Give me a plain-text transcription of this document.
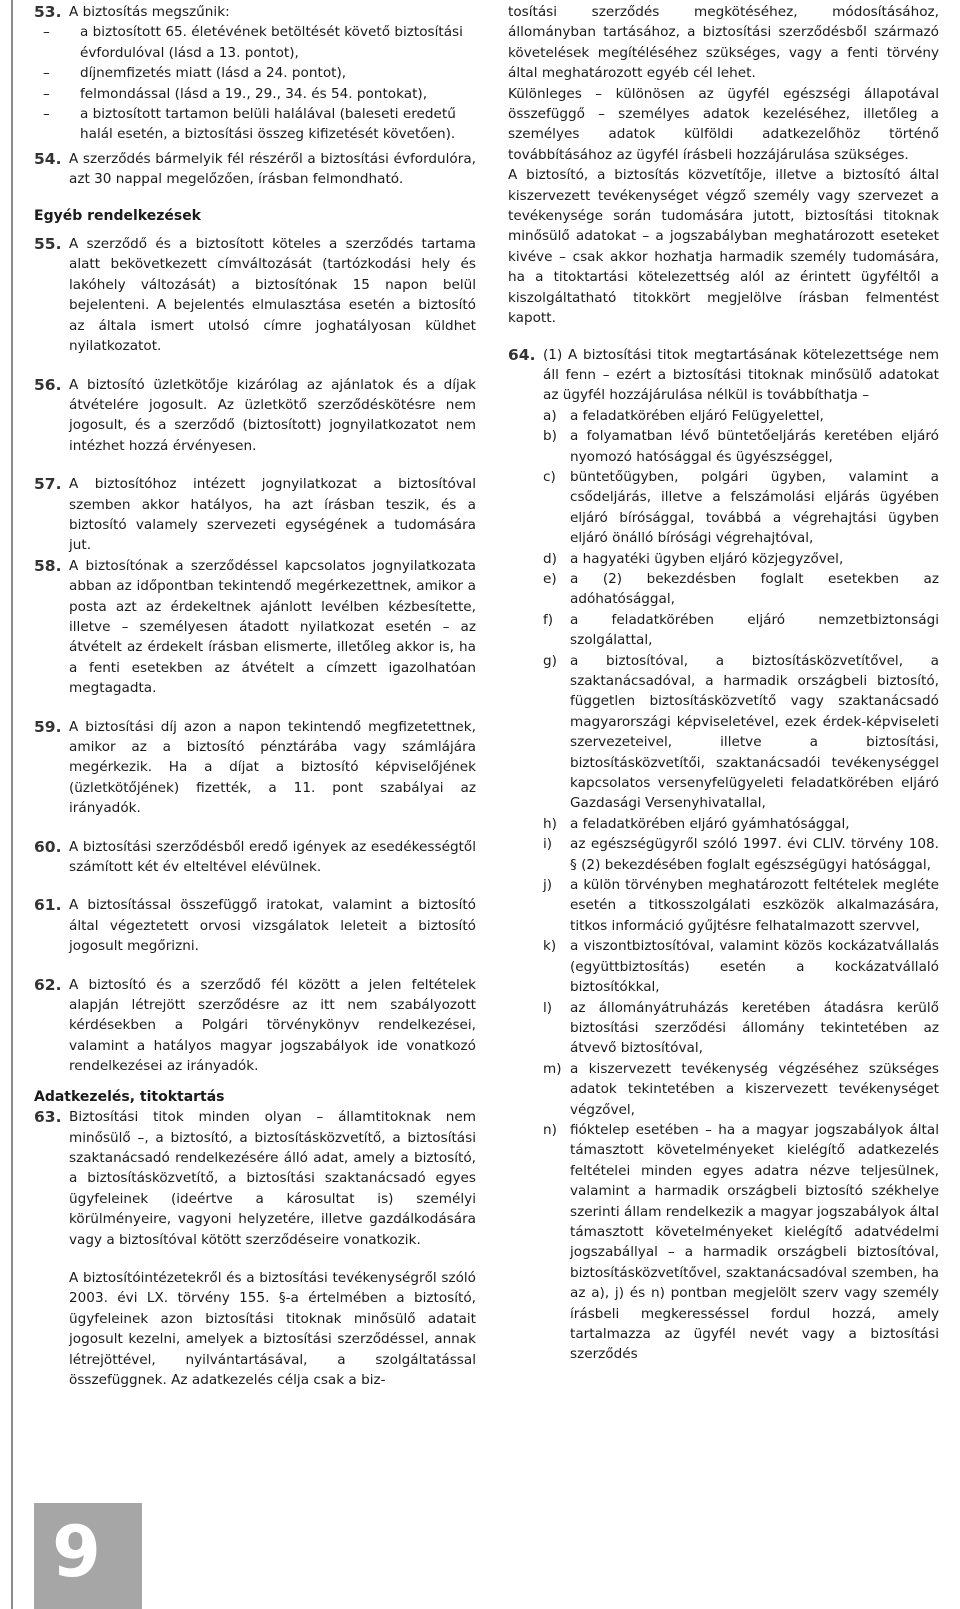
53. A biztosítás megszűnik:
– a biztosított 65. életévének betöltését követő biztosítási évfordulóval (lásd a 13. pontot),
– díjnemfizetés miatt (lásd a 24. pontot),
– felmondással (lásd a 19., 29., 34. és 54. pontokat),
– a biztosított tartamon belüli halálával (baleseti eredetű halál esetén, a biztosítási összeg kifizetését követően).
54. A szerződés bármelyik fél részéről a biztosítási évfordulóra, azt 30 nappal megelőzően, írásban felmondható.
Egyéb rendelkezések
55. A szerződő és a biztosított köteles a szerződés tartama alatt bekövetkezett címváltozását (tartózkodási hely és lakóhely változását) a biztosítónak 15 napon belül bejelenteni. A bejelentés elmulasztása esetén a biztosító az általa ismert utolsó címre joghatályosan küldhet nyilatkozatot.
56. A biztosító üzletkötője kizárólag az ajánlatok és a díjak átvételére jogosult. Az üzletkötő szerződéskötésre nem jogosult, és a szerződő (biztosított) jognyilatkozatot nem intézhet hozzá érvényesen.
57. A biztosítóhoz intézett jognyilatkozat a biztosítóval szemben akkor hatályos, ha azt írásban teszik, és a biztosító valamely szervezeti egységének a tudomására jut.
58. A biztosítónak a szerződéssel kapcsolatos jognyilatkozata abban az időpontban tekintendő megérkezettnek, amikor a posta azt az érdekeltnek ajánlott levélben kézbesítette, illetve – személyesen átadott nyilatkozat esetén – az átvételt az érdekelt írásban elismerte, illetőleg akkor is, ha a fenti esetekben az átvételt a címzett igazolhatóan megtagadta.
59. A biztosítási díj azon a napon tekintendő megfizetettnek, amikor az a biztosító pénztárába vagy számlájára megérkezik. Ha a díjat a biztosító képviselőjének (üzletkötőjének) fizették, a 11. pont szabályai az irányadók.
60. A biztosítási szerződésből eredő igények az esedékességtől számított két év elteltével elévülnek.
61. A biztosítással összefüggő iratokat, valamint a biztosító által végeztetett orvosi vizsgálatok leleteit a biztosító jogosult megőrizni.
62. A biztosító és a szerződő fél között a jelen feltételek alapján létrejött szerződésre az itt nem szabályozott kérdésekben a Polgári törvénykönyv rendelkezései, valamint a hatályos magyar jogszabályok ide vonatkozó rendelkezései az irányadók.
Adatkezelés, titoktartás
63. Biztosítási titok minden olyan – államtitoknak nem minősülő –, a biztosító, a biztosításközvetítő, a biztosítási szaktanácsadó rendelkezésére álló adat, amely a biztosító, a biztosításközvetítő, a biztosítási szaktanácsadó egyes ügyfeleinek (ideértve a károsultat is) személyi körülményeire, vagyoni helyzetére, illetve gazdálkodására vagy a biztosítóval kötött szerződéseire vonatkozik.
A biztosítóintézetekről és a biztosítási tevékenységről szóló 2003. évi LX. törvény 155. §-a értelmében a biztosító, ügyfeleinek azon biztosítási titoknak minősülő adatait jogosult kezelni, amelyek a biztosítási szerződéssel, annak létrejöttével, nyilvántartásával, a szolgáltatással összefüggnek. Az adatkezelés célja csak a biz-
tosítási szerződés megkötéséhez, módosításához, állományban tartásához, a biztosítási szerződésből származó követelések megítéléséhez szükséges, vagy a fenti törvény által meghatározott egyéb cél lehet.
Különleges – különösen az ügyfél egészségi állapotával összefüggő – személyes adatok kezeléséhez, illetőleg a személyes adatok külföldi adatkezelőhöz történő továbbításához az ügyfél írásbeli hozzájárulása szükséges.
A biztosító, a biztosítás közvetítője, illetve a biztosító által kiszervezett tevékenységet végző személy vagy szervezet a tevékenysége során tudomására jutott, biztosítási titoknak minősülő adatokat – a jogszabályban meghatározott eseteket kivéve – csak akkor hozhatja harmadik személy tudomására, ha a titoktartási kötelezettség alól az érintett ügyféltől a kiszolgáltatható titokkört megjelölve írásban felmentést kapott.
64. (1) A biztosítási titok megtartásának kötelezettsége nem áll fenn – ezért a biztosítási titoknak minősülő adatokat az ügyfél hozzájárulása nélkül is továbbíthatja –
a) a feladatkörében eljáró Felügyelettel,
b) a folyamatban lévő büntetőeljárás keretében eljáró nyomozó hatósággal és ügyészséggel,
c) büntetőügyben, polgári ügyben, valamint a csődeljárás, illetve a felszámolási eljárás ügyében eljáró bírósággal, továbbá a végrehajtási ügyben eljáró önálló bírósági végrehajtóval,
d) a hagyatéki ügyben eljáró közjegyzővel,
e) a (2) bekezdésben foglalt esetekben az adóhatósággal,
f) a feladatkörében eljáró nemzetbiztonsági szolgálattal,
g) a biztosítóval, a biztosításközvetítővel, a szaktanácsadóval, a harmadik országbeli biztosító, független biztosításközvetítő vagy szaktanácsadó magyarországi képviseletével, ezek érdek-képviseleti szervezeteivel, illetve a biztosítási, biztosításközvetítői, szaktanácsadói tevékenységgel kapcsolatos versenyfelügyeleti feladatkörében eljáró Gazdasági Versenyhivatallal,
h) a feladatkörében eljáró gyámhatósággal,
i) az egészségügyről szóló 1997. évi CLIV. törvény 108. § (2) bekezdésében foglalt egészségügyi hatósággal,
j) a külön törvényben meghatározott feltételek megléte esetén a titkosszolgálati eszközök alkalmazására, titkos információ gyűjtésre felhatalmazott szervvel,
k) a viszontbiztosítóval, valamint közös kockázatvállalás (együttbiztosítás) esetén a kockázatvállaló biztosítókkal,
l) az állományátruházás keretében átadásra kerülő biztosítási szerződési állomány tekintetében az átvevő biztosítóval,
m) a kiszervezett tevékenység végzéséhez szükséges adatok tekintetében a kiszervezett tevékenységet végzővel,
n) fióktelep esetében – ha a magyar jogszabályok által támasztott követelményeket kielégítő adatkezelés feltételei minden egyes adatra nézve teljesülnek, valamint a harmadik országbeli biztosító székhelye szerinti állam rendelkezik a magyar jogszabályok által támasztott követelményeket kielégítő adatvédelmi jogszabállyal – a harmadik országbeli biztosítóval, biztosításközvetítővel, szaktanácsadóval szemben, ha az a), j) és n) pontban megjelölt szerv vagy személy írásbeli megkeresséssel fordul hozzá, amely tartalmazza az ügyfél nevét vagy a biztosítási szerződés
9
